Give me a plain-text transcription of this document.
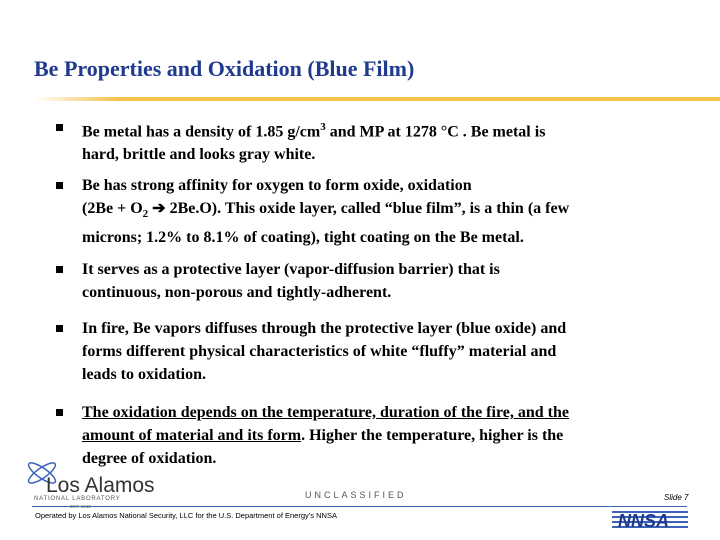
Be Properties and Oxidation (Blue Film)
Be metal has a density of 1.85 $g/cm^3$ and MP at 1278 °C . Be metal is
hard, brittle and looks gray white.
Be has strong affinity for oxygen to form oxide, oxidation
($2Be + O_2$ ➔ 2Be.O). This oxide layer, called “blue film”, is a thin (a few
microns; 1.2% to 8.1% of coating), tight coating on the Be metal.
It serves as a protective layer (vapor-diffusion barrier) that is
continuous, non-porous and tightly-adherent.
In fire, Be vapors diffuses through the protective layer (blue oxide) and
forms different physical characteristics of white “fluffy” material and
leads to oxidation.
The oxidation depends on the temperature, duration of the fire, and the
amount of material and its form. Higher the temperature, higher is the
degree of oxidation.
Los Alamos
NATIONAL LABORATORY	UNCLASSIFIED	Slide 7
Operated by Los Alamos National Security, LLC for the U.S. Department of Energy’s NNSA	NNSA
